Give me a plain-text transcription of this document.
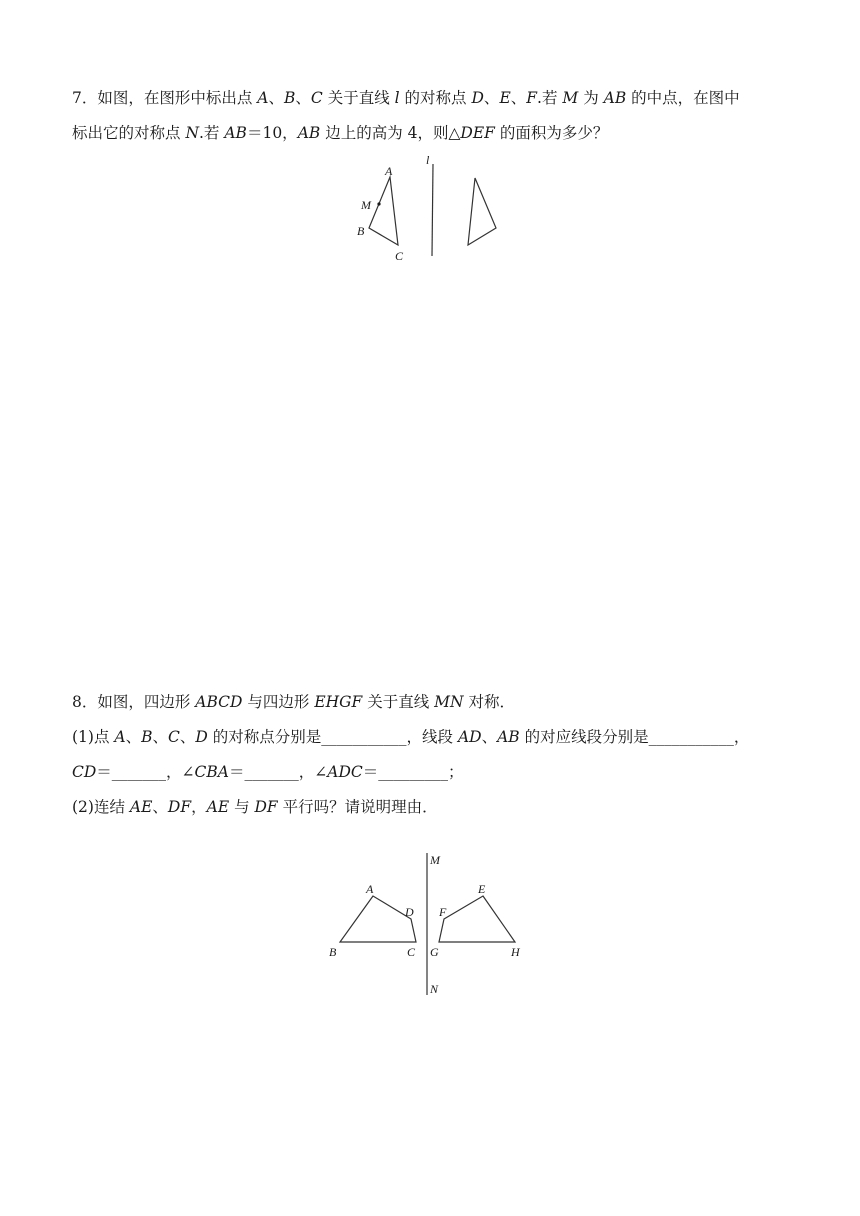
7．如图，在图形中标出点 A、B、C 关于直线 l 的对称点 D、E、F.若 M 为 AB 的中点，在图中
标出它的对称点 N.若 AB＝10，AB 边上的高为 4，则△DEF 的面积为多少？
l
A
M
B
C
8．如图，四边形 ABCD 与四边形 EHGF 关于直线 MN 对称．
(1)点 A、B、C、D 的对称点分别是___________，线段 AD、AB 的对应线段分别是___________，
CD＝_______，∠CBA＝_______，∠ADC＝_________；
(2)连结 AE、DF，AE 与 DF 平行吗？请说明理由．
M
N
A
D
B	C G	H
F
E
